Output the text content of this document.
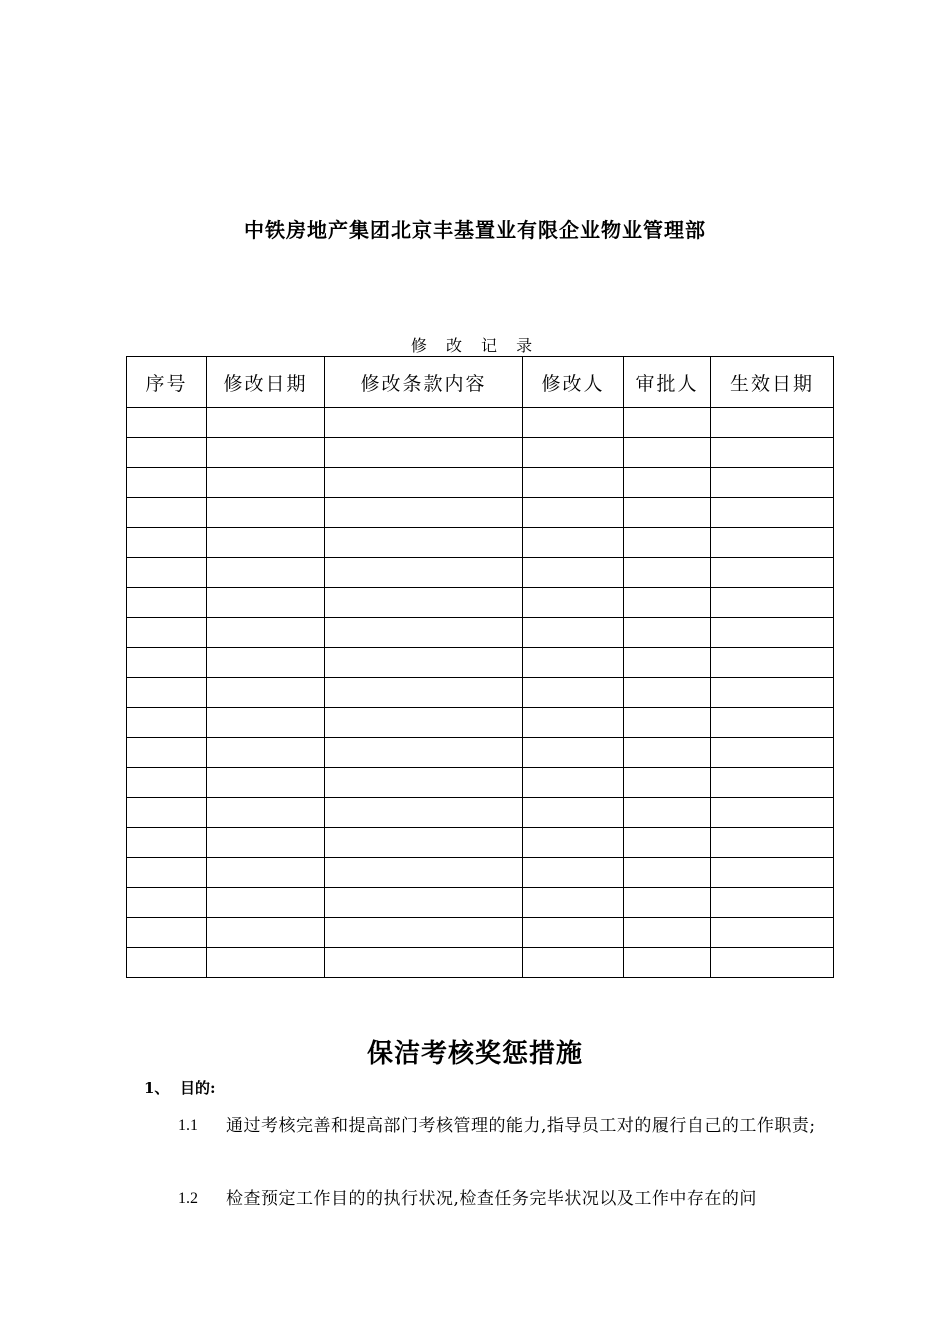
中铁房地产集团北京丰基置业有限企业物业管理部
修 改 记 录
序号	修改日期	修改条款内容	修改人	审批人	生效日期

保洁考核奖惩措施
1、 目的:
1.1 通过考核完善和提高部门考核管理的能力,指导员工对的履行自己的工作职责;
1.2 检查预定工作目的的执行状况,检查任务完毕状况以及工作中存在的问
